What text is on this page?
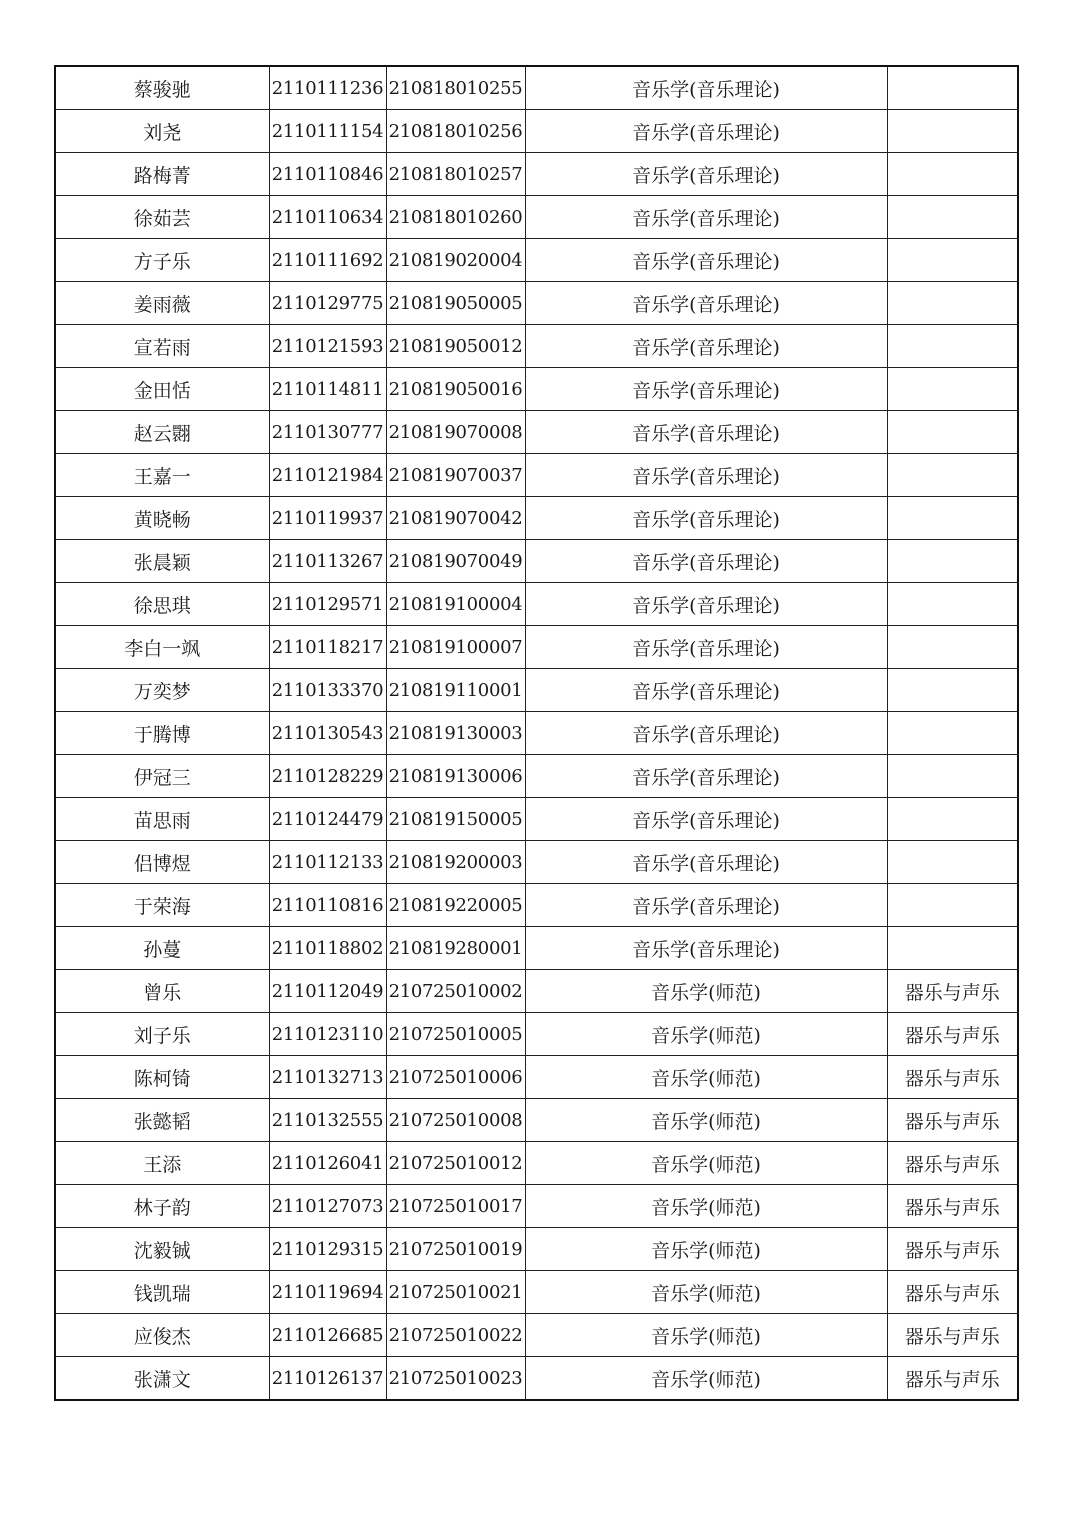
蔡骏驰	2110111236	210818010255	音乐学(音乐理论)	
刘尧	2110111154	210818010256	音乐学(音乐理论)	
路梅菁	2110110846	210818010257	音乐学(音乐理论)	
徐茹芸	2110110634	210818010260	音乐学(音乐理论)	
方子乐	2110111692	210819020004	音乐学(音乐理论)	
姜雨薇	2110129775	210819050005	音乐学(音乐理论)	
宣若雨	2110121593	210819050012	音乐学(音乐理论)	
金田恬	2110114811	210819050016	音乐学(音乐理论)	
赵云翾	2110130777	210819070008	音乐学(音乐理论)	
王嘉一	2110121984	210819070037	音乐学(音乐理论)	
黄晓畅	2110119937	210819070042	音乐学(音乐理论)	
张晨颖	2110113267	210819070049	音乐学(音乐理论)	
徐思琪	2110129571	210819100004	音乐学(音乐理论)	
李白一飒	2110118217	210819100007	音乐学(音乐理论)	
万奕梦	2110133370	210819110001	音乐学(音乐理论)	
于腾博	2110130543	210819130003	音乐学(音乐理论)	
伊冠三	2110128229	210819130006	音乐学(音乐理论)	
苗思雨	2110124479	210819150005	音乐学(音乐理论)	
侣博煜	2110112133	210819200003	音乐学(音乐理论)	
于荣海	2110110816	210819220005	音乐学(音乐理论)	
孙蔓	2110118802	210819280001	音乐学(音乐理论)	
曾乐	2110112049	210725010002	音乐学(师范)	器乐与声乐
刘子乐	2110123110	210725010005	音乐学(师范)	器乐与声乐
陈柯锜	2110132713	210725010006	音乐学(师范)	器乐与声乐
张懿韬	2110132555	210725010008	音乐学(师范)	器乐与声乐
王添	2110126041	210725010012	音乐学(师范)	器乐与声乐
林子韵	2110127073	210725010017	音乐学(师范)	器乐与声乐
沈毅铖	2110129315	210725010019	音乐学(师范)	器乐与声乐
钱凯瑞	2110119694	210725010021	音乐学(师范)	器乐与声乐
应俊杰	2110126685	210725010022	音乐学(师范)	器乐与声乐
张潇文	2110126137	210725010023	音乐学(师范)	器乐与声乐
